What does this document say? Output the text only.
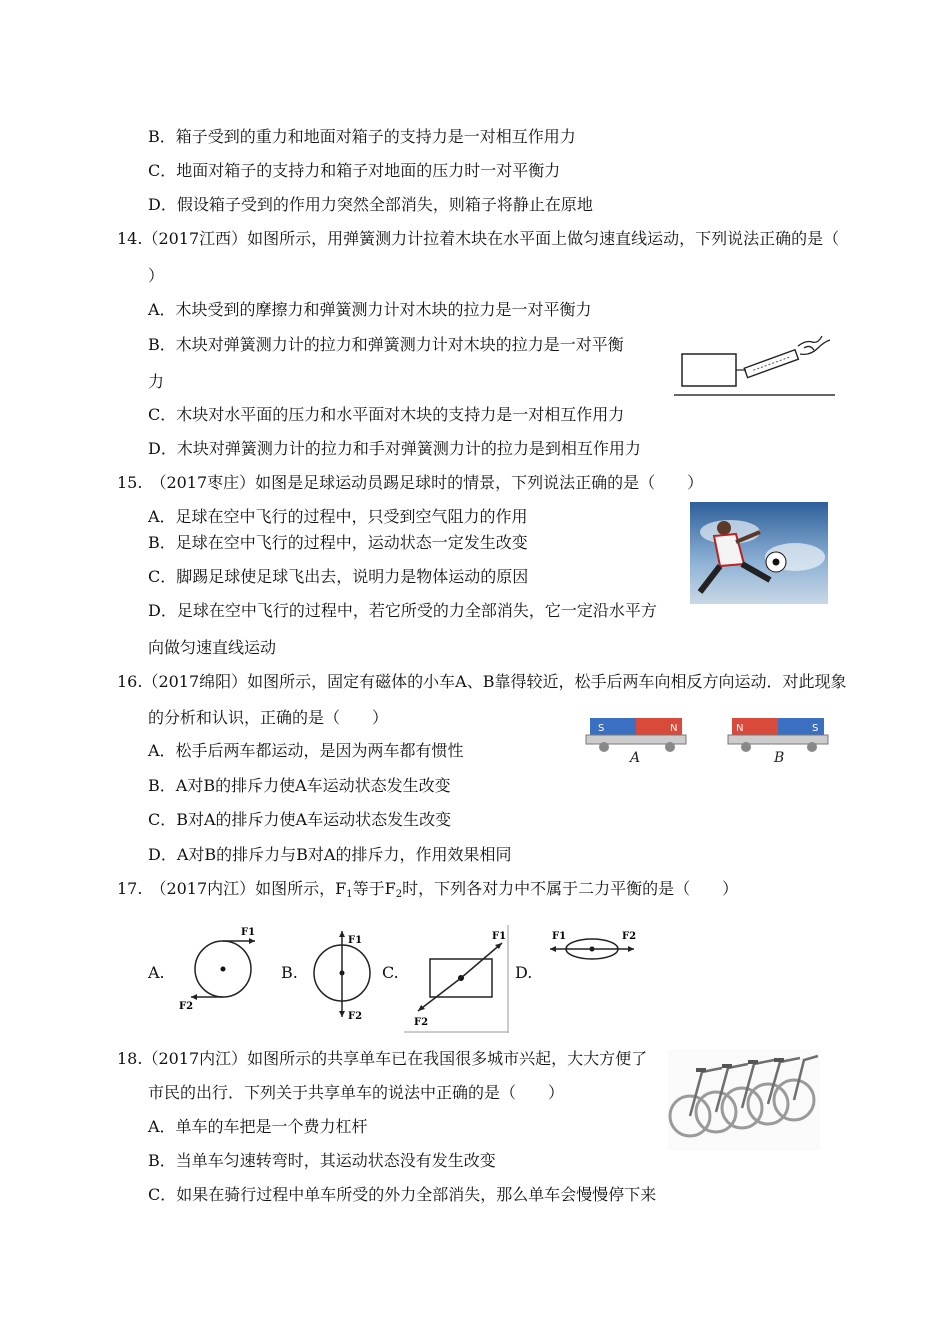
B．箱子受到的重力和地面对箱子的支持力是一对相互作用力
C．地面对箱子的支持力和箱子对地面的压力时一对平衡力
D．假设箱子受到的作用力突然全部消失，则箱子将静止在原地
14.（2017江西）如图所示，用弹簧测力计拉着木块在水平面上做匀速直线运动，下列说法正确的是（
）
A．木块受到的摩擦力和弹簧测力计对木块的拉力是一对平衡力
B．木块对弹簧测力计的拉力和弹簧测力计对木块的拉力是一对平衡
力
C．木块对水平面的压力和水平面对木块的支持力是一对相互作用力
D．木块对弹簧测力计的拉力和手对弹簧测力计的拉力是到相互作用力
15.　（2017枣庄）如图是足球运动员踢足球时的情景，下列说法正确的是（　　）
A．足球在空中飞行的过程中，只受到空气阻力的作用
B．足球在空中飞行的过程中，运动状态一定发生改变
C．脚踢足球使足球飞出去，说明力是物体运动的原因
D．足球在空中飞行的过程中，若它所受的力全部消失，它一定沿水平方
向做匀速直线运动
16.（2017绵阳）如图所示，固定有磁体的小车A、B靠得较近，松手后两车向相反方向运动．对此现象
的分析和认识，正确的是（　　）
A．松手后两车都运动，是因为两车都有惯性
B．A对B的排斥力使A车运动状态发生改变
C．B对A的排斥力使A车运动状态发生改变
D．A对B的排斥力与B对A的排斥力，作用效果相同
S	N
A
N	S
B
17.　（2017内江）如图所示，$F_1$等于$F_2$时，下列各对力中不属于二力平衡的是（　　）
A.
F1
F2
B.
F1
F2
C.
F1
F2
D.
F1	F2
18.（2017内江）如图所示的共享单车已在我国很多城市兴起，大大方便了
市民的出行．下列关于共享单车的说法中正确的是（　　）
A．单车的车把是一个费力杠杆
B．当单车匀速转弯时，其运动状态没有发生改变
C．如果在骑行过程中单车所受的外力全部消失，那么单车会慢慢停下来
